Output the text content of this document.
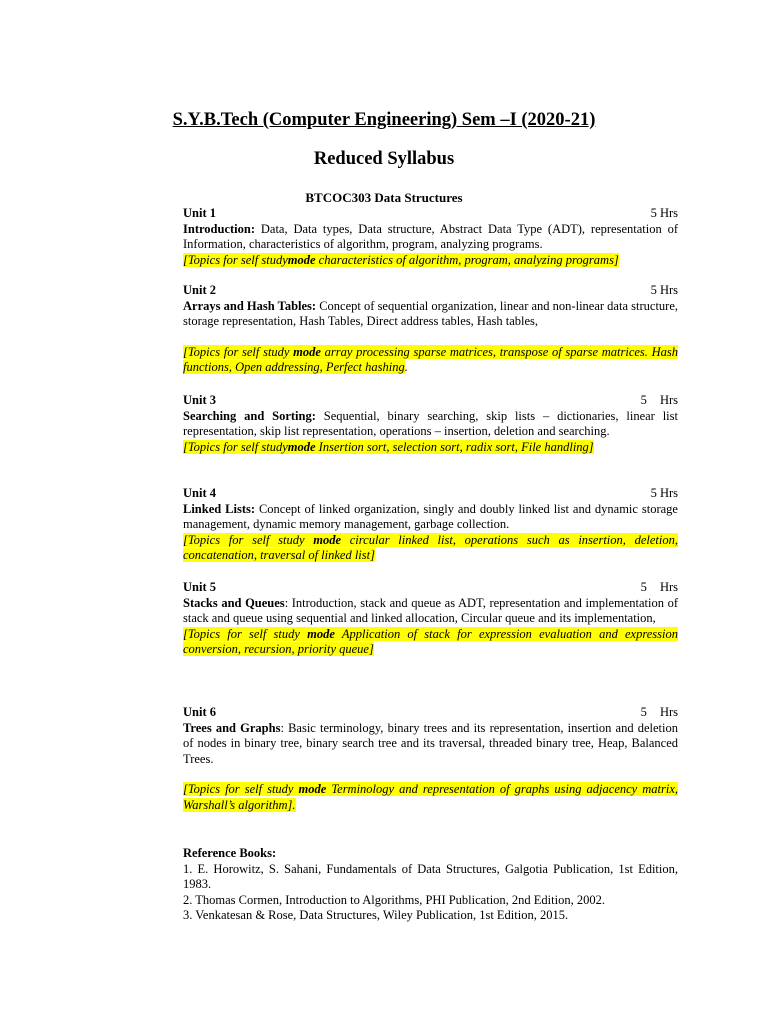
S.Y.B.Tech (Computer Engineering) Sem –I (2020-21)
Reduced Syllabus
BTCOC303 Data Structures
Unit 1	5 Hrs
Introduction: Data, Data types, Data structure, Abstract Data Type (ADT), representation of Information, characteristics of algorithm, program, analyzing programs.
[Topics for self studymode characteristics of algorithm, program, analyzing programs]
Unit 2	5 Hrs
Arrays and Hash Tables: Concept of sequential organization, linear and non-linear data structure, storage representation, Hash Tables, Direct address tables, Hash tables,
[Topics for self study mode array processing sparse matrices, transpose of sparse matrices. Hash functions, Open addressing, Perfect hashing.
Unit 3	5 Hrs
Searching and Sorting: Sequential, binary searching, skip lists – dictionaries, linear list representation, skip list representation, operations – insertion, deletion and searching.
[Topics for self studymode Insertion sort, selection sort, radix sort, File handling]
Unit 4	5 Hrs
Linked Lists: Concept of linked organization, singly and doubly linked list and dynamic storage management, dynamic memory management, garbage collection.
[Topics for self study mode circular linked list, operations such as insertion, deletion, concatenation, traversal of linked list]
Unit 5	5 Hrs
Stacks and Queues: Introduction, stack and queue as ADT, representation and implementation of stack and queue using sequential and linked allocation, Circular queue and its implementation,
[Topics for self study mode Application of stack for expression evaluation and expression conversion, recursion, priority queue]
Unit 6	5 Hrs
Trees and Graphs: Basic terminology, binary trees and its representation, insertion and deletion of nodes in binary tree, binary search tree and its traversal, threaded binary tree, Heap, Balanced Trees.
[Topics for self study mode Terminology and representation of graphs using adjacency matrix, Warshall’s algorithm].
Reference Books:
1. E. Horowitz, S. Sahani, Fundamentals of Data Structures, Galgotia Publication, 1st Edition, 1983.
2. Thomas Cormen, Introduction to Algorithms, PHI Publication, 2nd Edition, 2002.
3. Venkatesan & Rose, Data Structures, Wiley Publication, 1st Edition, 2015.
